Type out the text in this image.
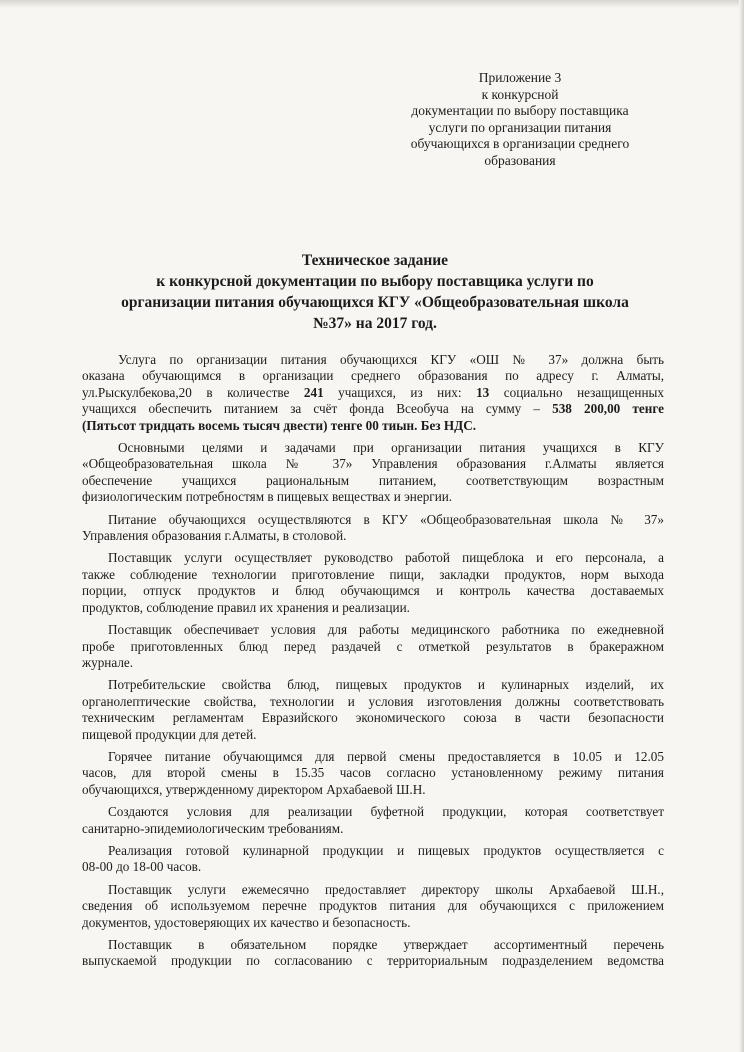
Приложение 3
к конкурсной
документации по выбору поставщика
услуги по организации питания
обучающихся в организации среднего
образования
Техническое задание
к конкурсной документации по выбору поставщика услуги по
организации питания обучающихся КГУ «Общеобразовательная школа
№37» на 2017 год.
Услуга по организации питания обучающихся КГУ «ОШ № 37» должна быть
оказана обучающимся в организации среднего образования по адресу г. Алматы,
ул.Рыскулбекова,20 в количестве 241 учащихся, из них: 13 социально незащищенных
учащихся обеспечить питанием за счёт фонда Всеобуча на сумму – 538 200,00 тенге
(Пятьсот тридцать восемь тысяч двести) тенге 00 тиын. Без НДС.
Основными целями и задачами при организации питания учащихся в КГУ
«Общеобразовательная школа № 37» Управления образования г.Алматы является
обеспечение учащихся рациональным питанием, соответствующим возрастным
физиологическим потребностям в пищевых веществах и энергии.
Питание обучающихся осуществляются в КГУ «Общеобразовательная школа № 37»
Управления образования г.Алматы, в столовой.
Поставщик услуги осуществляет руководство работой пищеблока и его персонала, а
также соблюдение технологии приготовление пищи, закладки продуктов, норм выхода
порции, отпуск продуктов и блюд обучающимся и контроль качества доставаемых
продуктов, соблюдение правил их хранения и реализации.
Поставщик обеспечивает условия для работы медицинского работника по ежедневной
пробе приготовленных блюд перед раздачей с отметкой результатов в бракеражном
журнале.
Потребительские свойства блюд, пищевых продуктов и кулинарных изделий, их
органолептические свойства, технологии и условия изготовления должны соответствовать
техническим регламентам Евразийского экономического союза в части безопасности
пищевой продукции для детей.
Горячее питание обучающимся для первой смены предоставляется в 10.05 и 12.05
часов, для второй смены в 15.35 часов согласно установленному режиму питания
обучающихся, утвержденному директором Архабаевой Ш.Н.
Создаются условия для реализации буфетной продукции, которая соответствует
санитарно-эпидемиологическим требованиям.
Реализация готовой кулинарной продукции и пищевых продуктов осуществляется с
08-00 до 18-00 часов.
Поставщик услуги ежемесячно предоставляет директору школы Архабаевой Ш.Н.,
сведения об используемом перечне продуктов питания для обучающихся с приложением
документов, удостоверяющих их качество и безопасность.
Поставщик в обязательном порядке утверждает ассортиментный перечень
выпускаемой продукции по согласованию с территориальным подразделением ведомства
